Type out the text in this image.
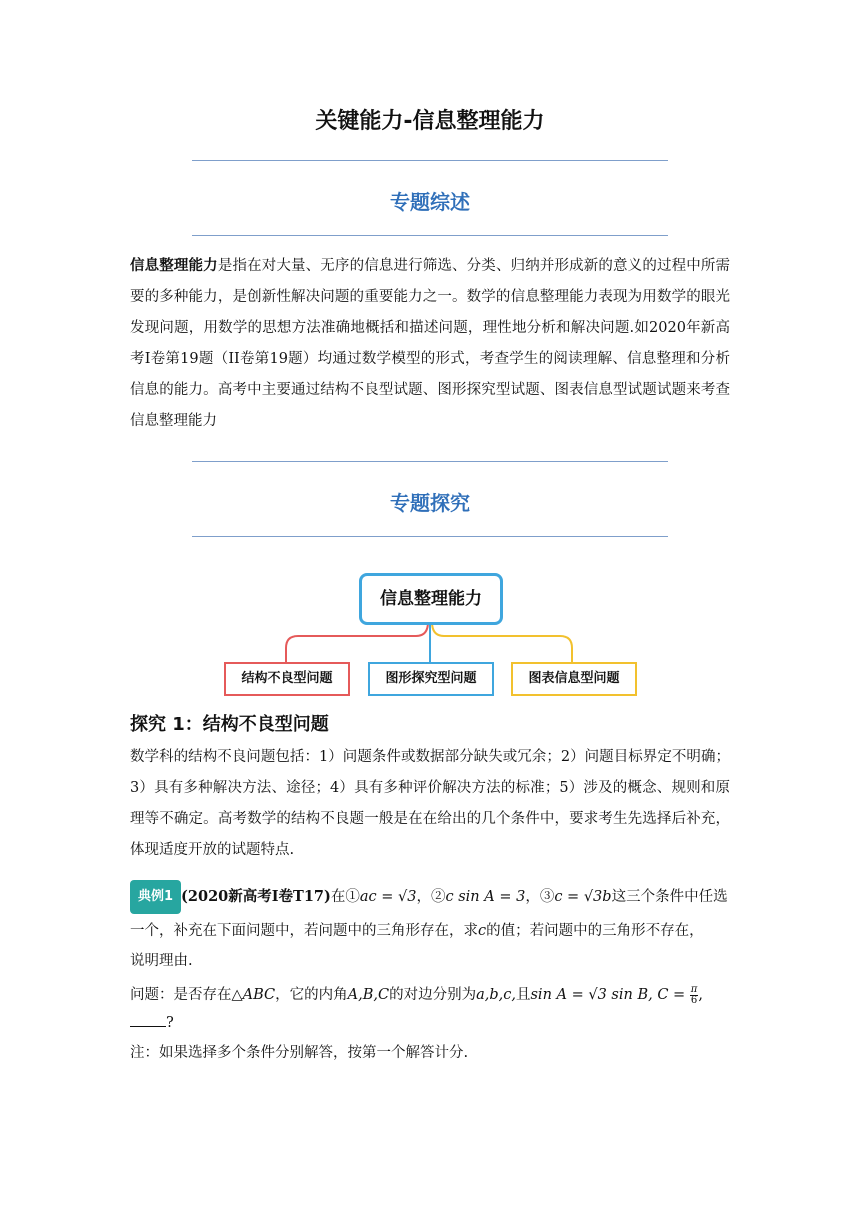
关键能力-信息整理能力
专题综述
信息整理能力是指在对大量、无序的信息进行筛选、分类、归纳并形成新的意义的过程中所需要的多种能力，是创新性解决问题的重要能力之一。数学的信息整理能力表现为用数学的眼光发现问题，用数学的思想方法准确地概括和描述问题，理性地分析和解决问题.如2020年新高考Ⅰ卷第19题（II卷第19题）均通过数学模型的形式，考查学生的阅读理解、信息整理和分析信息的能力。高考中主要通过结构不良型试题、图形探究型试题、图表信息型试题试题来考查信息整理能力
专题探究
信息整理能力
结构不良型问题	图形探究型问题	图表信息型问题
探究 1：结构不良型问题
数学科的结构不良问题包括：1）问题条件或数据部分缺失或冗余；2）问题目标界定不明确；3）具有多种解决方法、途径；4）具有多种评价解决方法的标准；5）涉及的概念、规则和原理等不确定。高考数学的结构不良题一般是在在给出的几个条件中，要求考生先选择后补充，体现适度开放的试题特点.
典例1 (2020新高考Ⅰ卷T17)在①ac = √3，②c sin A = 3，③c = √3b这三个条件中任选
一个，补充在下面问题中，若问题中的三角形存在，求c的值；若问题中的三角形不存在，
说明理由.
问题：是否存在△ABC，它的内角A,B,C的对边分别为a,b,c,且sin A = √3 sin B, $C = \frac{\pi}{6}$ ,
?
注：如果选择多个条件分别解答，按第一个解答计分.
